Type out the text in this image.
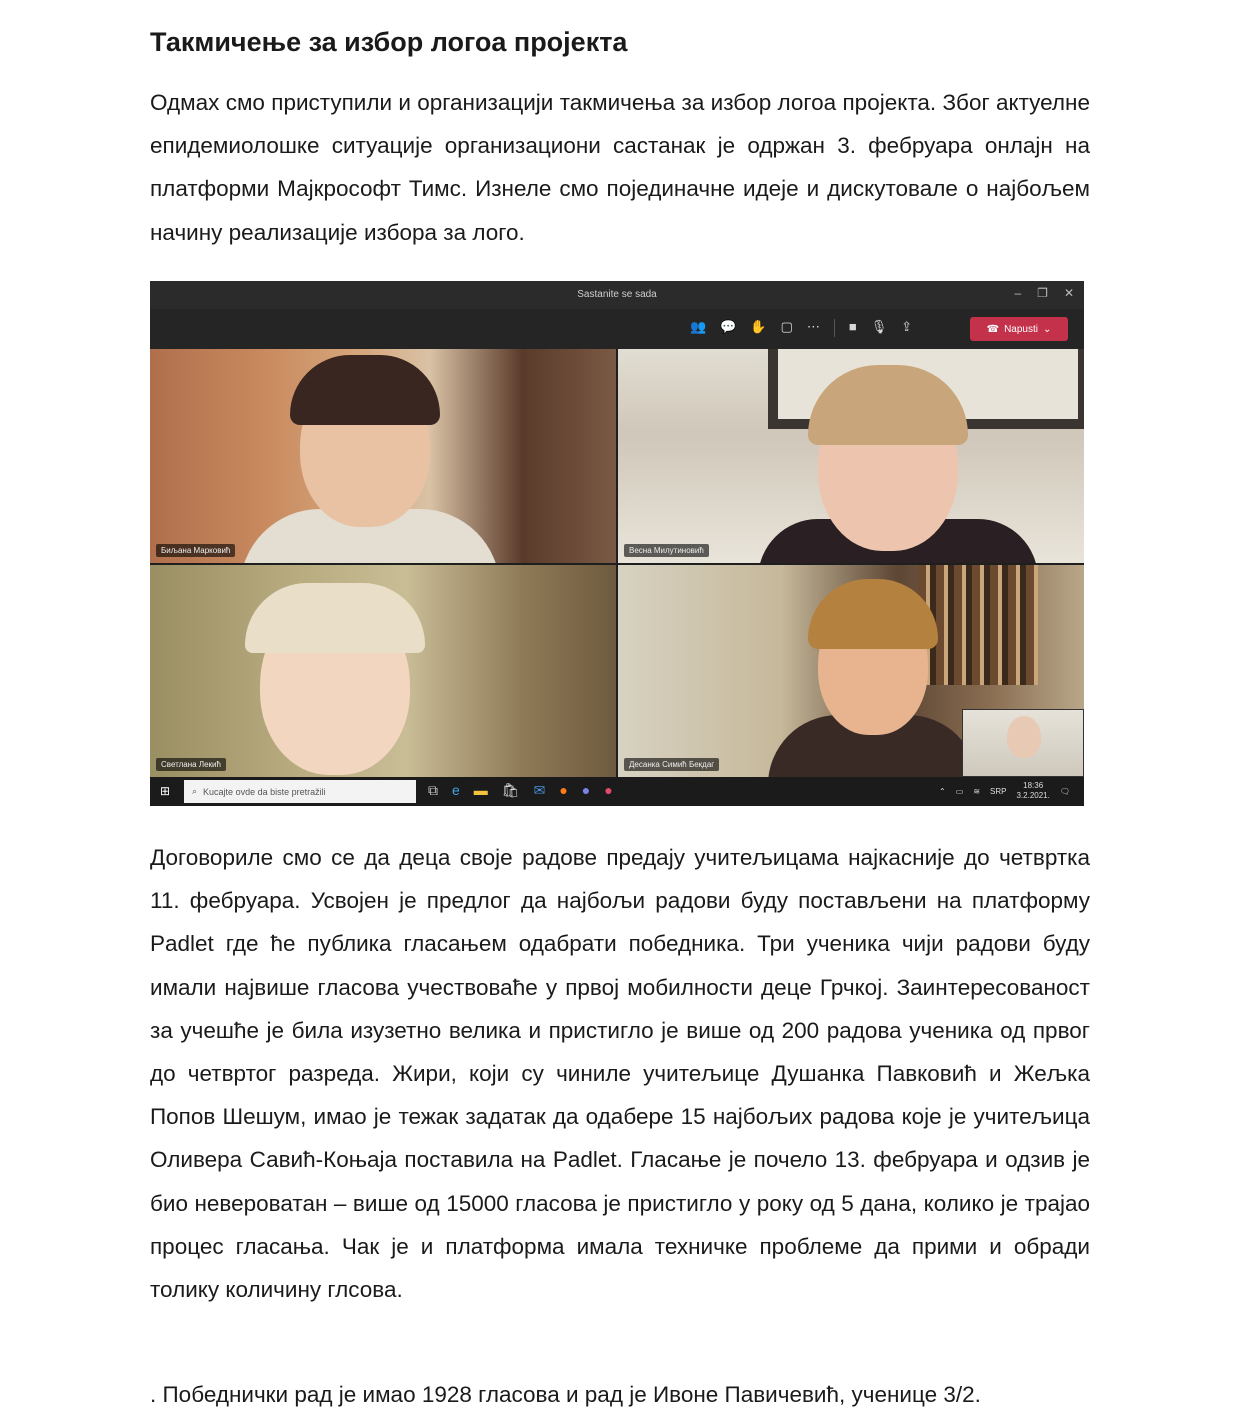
Такмичење за избор логоа пројекта

Одмах смо приступили и организацији такмичења за избор логоа пројекта. Због актуелне епидемиолошке ситуације организациони састанак је одржан 3. фебруара онлајн на платформи Мајкрософт Тимс. Изнеле смо појединачне идеје и дискутовале о најбољем начину реализације избора за лого.

Sastanite se sada	– ❐ ✕
👥 💬 ✋ ▢ ⋯ ■ 🎙 ⇪	☎ Napusti ⌄
Биљана Марковић	Весна Милутиновић
Светлана Лекић	Десанка Симић Бекдаг
⊞	⌕ Kucajte ovde da biste pretražili	⧉ e ▬ 🛍 ✉ ● ● ●	⌃ ▭ ≋ SRP
18:36
3.2.2021. 🗨

Договориле смо се да деца своје радове предају учитељицама најкасније до четвртка 11. фебруара. Усвојен је предлог да најбољи радови буду постављени на платформу Padlet где ће публика гласањем одабрати победника. Три ученика чији радови буду имали највише гласова учествоваће у првој мобилности деце Грчкој. Заинтересованост за учешће је била изузетно велика и пристигло је више од 200 радова ученика од првог до четвртог разреда. Жири, који су чиниле учитељице Душанка Павковић и Жељка Попов Шешум, имао је тежак задатак да одаберe 15 најбољих радова које је учитељица Оливера Савић-Коњаја поставила на Padlet. Гласање је почело 13. фебруара и одзив је био невероватан – више од 15000 гласова је пристигло у року од 5 дана, колико је трајао процес гласања. Чак је и платформа имала техничке проблеме да прими и обради толику количину глсова.

. Победнички рад је имао 1928 гласова и рад је Ивоне Павичевић, ученице 3/2.
